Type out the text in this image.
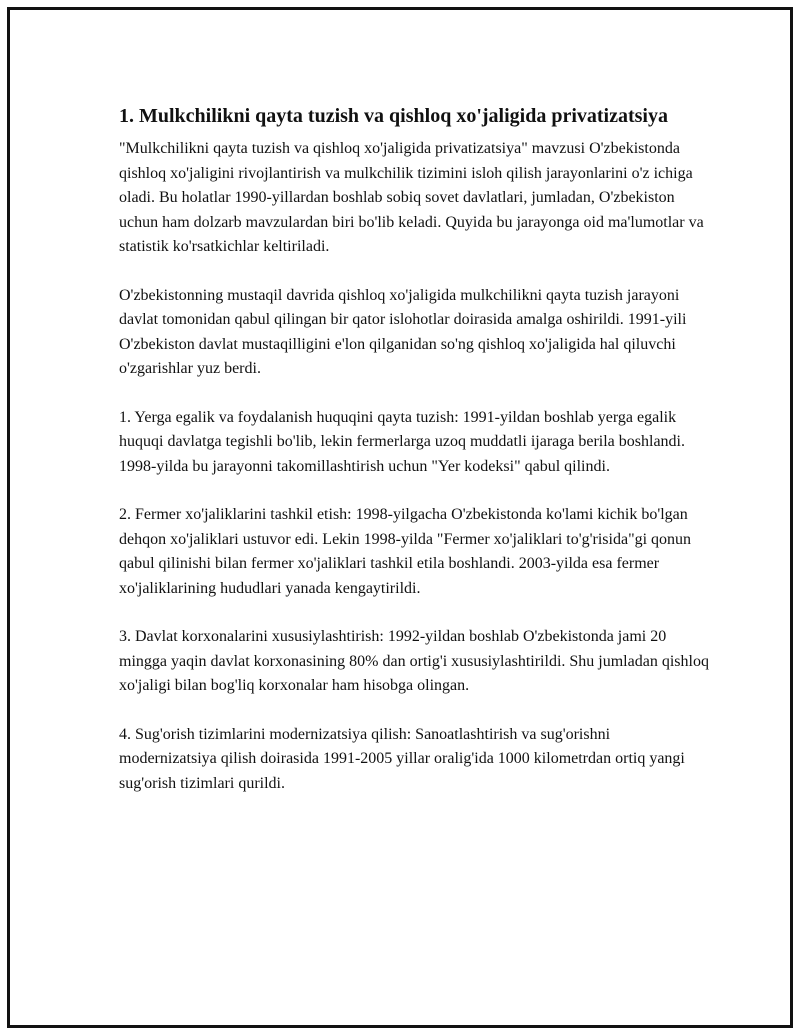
1. Mulkchilikni qayta tuzish va qishloq xo'jaligida privatizatsiya

"Mulkchilikni qayta tuzish va qishloq xo'jaligida privatizatsiya" mavzusi O'zbekistonda qishloq xo'jaligini rivojlantirish va mulkchilik tizimini isloh qilish jarayonlarini o'z ichiga oladi. Bu holatlar 1990-yillardan boshlab sobiq sovet davlatlari, jumladan, O'zbekiston uchun ham dolzarb mavzulardan biri bo'lib keladi. Quyida bu jarayonga oid ma'lumotlar va statistik ko'rsatkichlar keltiriladi.

O'zbekistonning mustaqil davrida qishloq xo'jaligida mulkchilikni qayta tuzish jarayoni davlat tomonidan qabul qilingan bir qator islohotlar doirasida amalga oshirildi. 1991-yili O'zbekiston davlat mustaqilligini e'lon qilganidan so'ng qishloq xo'jaligida hal qiluvchi o'zgarishlar yuz berdi.

1. Yerga egalik va foydalanish huquqini qayta tuzish: 1991-yildan boshlab yerga egalik huquqi davlatga tegishli bo'lib, lekin fermerlarga uzoq muddatli ijaraga berila boshlandi. 1998-yilda bu jarayonni takomillashtirish uchun "Yer kodeksi" qabul qilindi.

2. Fermer xo'jaliklarini tashkil etish: 1998-yilgacha O'zbekistonda ko'lami kichik bo'lgan dehqon xo'jaliklari ustuvor edi. Lekin 1998-yilda "Fermer xo'jaliklari to'g'risida"gi qonun qabul qilinishi bilan fermer xo'jaliklari tashkil etila boshlandi. 2003-yilda esa fermer xo'jaliklarining hududlari yanada kengaytirildi.

3. Davlat korxonalarini xususiylashtirish: 1992-yildan boshlab O'zbekistonda jami 20 mingga yaqin davlat korxonasining 80% dan ortig'i xususiylashtirildi. Shu jumladan qishloq xo'jaligi bilan bog'liq korxonalar ham hisobga olingan.

4. Sug'orish tizimlarini modernizatsiya qilish: Sanoatlashtirish va sug'orishni modernizatsiya qilish doirasida 1991-2005 yillar oralig'ida 1000 kilometrdan ortiq yangi sug'orish tizimlari qurildi.
